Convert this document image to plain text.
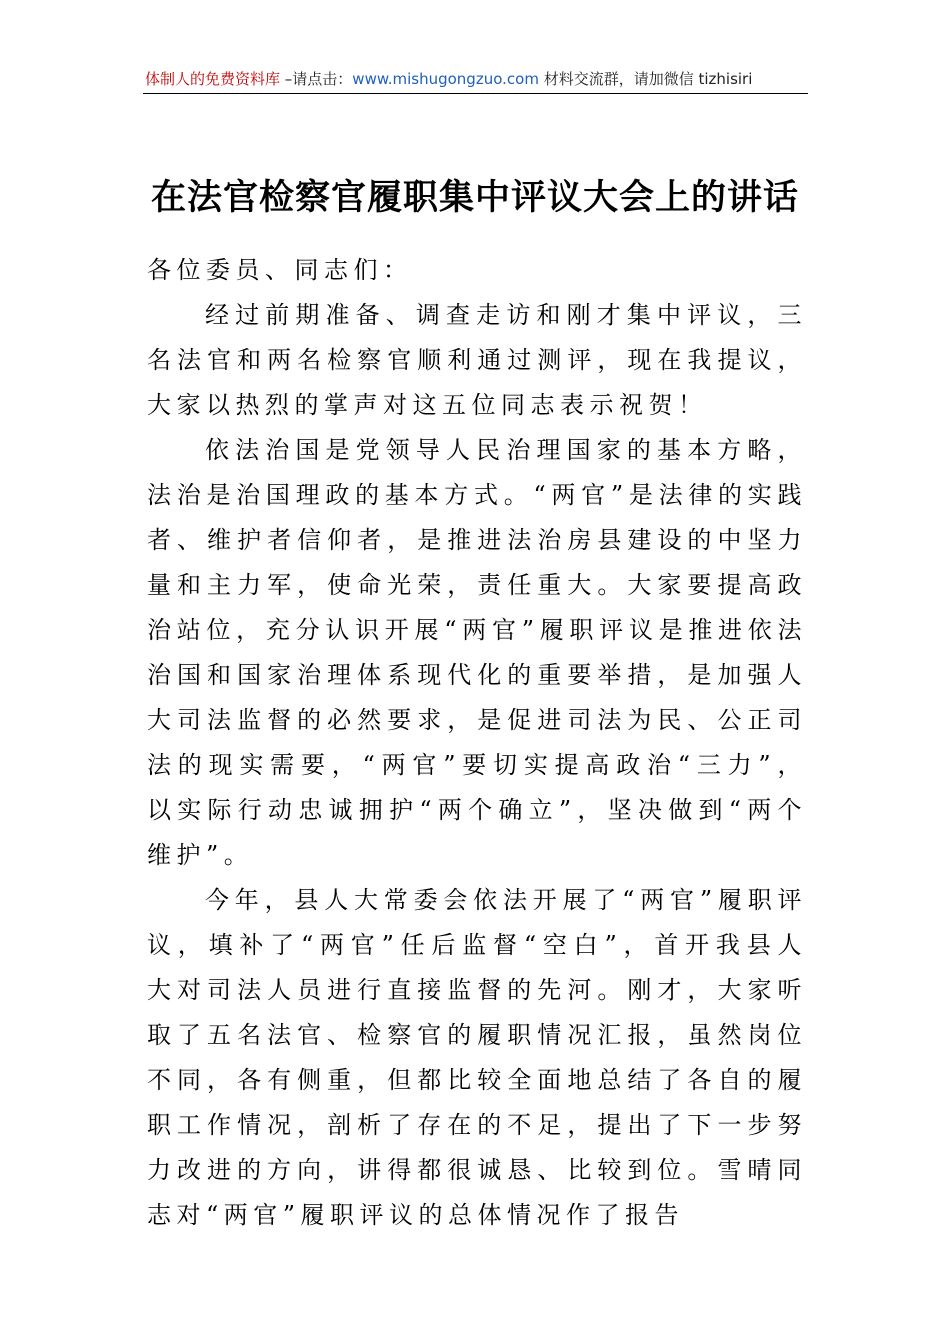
体制人的免费资料库 –请点击：www.mishugongzuo.com 材料交流群，请加微信 tizhisiri
在法官检察官履职集中评议大会上的讲话

各位委员、同志们：

经过前期准备、调查走访和刚才集中评议，三名法官和两名检察官顺利通过测评，现在我提议，大家以热烈的掌声对这五位同志表示祝贺！

依法治国是党领导人民治理国家的基本方略，法治是治国理政的基本方式。“两官”是法律的实践者、维护者信仰者，是推进法治房县建设的中坚力量和主力军，使命光荣，责任重大。大家要提高政治站位，充分认识开展“两官”履职评议是推进依法治国和国家治理体系现代化的重要举措，是加强人大司法监督的必然要求，是促进司法为民、公正司法的现实需要，“两官”要切实提高政治“三力”，以实际行动忠诚拥护“两个确立”，坚决做到“两个维护”。

今年，县人大常委会依法开展了“两官”履职评议，填补了“两官”任后监督“空白”，首开我县人大对司法人员进行直接监督的先河。刚才，大家听取了五名法官、检察官的履职情况汇报，虽然岗位不同，各有侧重，但都比较全面地总结了各自的履职工作情况，剖析了存在的不足，提出了下一步努力改进的方向，讲得都很诚恳、比较到位。雪晴同志对“两官”履职评议的总体情况作了报告
